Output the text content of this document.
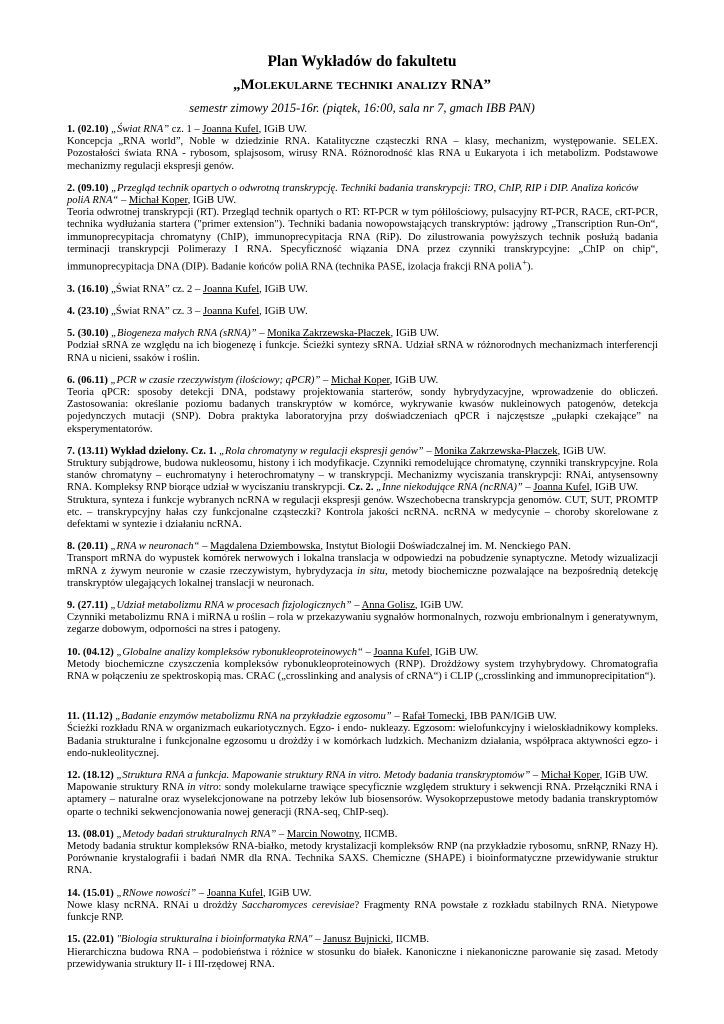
Plan Wykładów do fakultetu
„Molekularne techniki analizy RNA”
semestr zimowy 2015-16r. (piątek, 16:00, sala nr 7, gmach IBB PAN)

1. (02.10) „Świat RNA” cz. 1 – Joanna Kufel, IGiB UW.

Koncepcja „RNA world”, Noble w dziedzinie RNA. Katalityczne cząsteczki RNA – klasy, mechanizm, występowanie. SELEX. Pozostałości świata RNA - rybosom, splajsosom, wirusy RNA. Różnorodność klas RNA u Eukaryota i ich metabolizm. Podstawowe mechanizmy regulacji ekspresji genów.

2. (09.10) „Przegląd technik opartych o odwrotną transkrypcję. Techniki badania transkrypcji: TRO, ChIP, RIP i DIP. Analiza końców poliA RNA“ – Michał Koper, IGiB UW.

Teoria odwrotnej transkrypcji (RT). Przegląd technik opartych o RT: RT-PCR w tym półilościowy, pulsacyjny RT-PCR, RACE, cRT-PCR, technika wydłużania startera ("primer extension"). Techniki badania nowopowstających transkryptów: jądrowy „Transcription Run-On“, immunoprecypitacja chromatyny (ChIP), immunoprecypitacja RNA (RiP). Do zilustrowania powyższych technik posłużą badania terminacji transkrypcji Polimerazy I RNA. Specyficzność wiązania DNA przez czynniki transkrypcyjne: „ChIP on chip“, immunoprecypitacja DNA (DIP). Badanie końców poliA RNA (technika PASE, izolacja frakcji RNA poliA+).

3. (16.10) „Świat RNA” cz. 2 – Joanna Kufel, IGiB UW.

4. (23.10) „Świat RNA” cz. 3 – Joanna Kufel, IGiB UW.

5. (30.10) „Biogeneza małych RNA (sRNA)” – Monika Zakrzewska-Płaczek, IGiB UW.

Podział sRNA ze względu na ich biogenezę i funkcje. Ścieżki syntezy sRNA. Udział sRNA w różnorodnych mechanizmach interferencji RNA u nicieni, ssaków i roślin.

6. (06.11) „PCR w czasie rzeczywistym (ilościowy; qPCR)” – Michał Koper, IGiB UW.

Teoria qPCR: sposoby detekcji DNA, podstawy projektowania starterów, sondy hybrydyzacyjne, wprowadzenie do obliczeń. Zastosowania: określanie poziomu badanych transkryptów w komórce, wykrywanie kwasów nukleinowych patogenów, detekcja pojedynczych mutacji (SNP). Dobra praktyka laboratoryjna przy doświadczeniach qPCR i najczęstsze „pułapki czekające” na eksperymentatorów.

7. (13.11) Wykład dzielony. Cz. 1. „Rola chromatyny w regulacji ekspresji genów” – Monika Zakrzewska-Płaczek, IGiB UW.

Struktury subjądrowe, budowa nukleosomu, histony i ich modyfikacje. Czynniki remodelujące chromatynę, czynniki transkrypcyjne. Rola stanów chromatyny – euchromatyny i heterochromatyny – w transkrypcji. Mechanizmy wyciszania transkrypcji: RNAi, antysensowny RNA. Kompleksy RNP biorące udział w wyciszaniu transkrypcji. Cz. 2. „Inne niekodujące RNA (ncRNA)” – Joanna Kufel, IGiB UW.

Struktura, synteza i funkcje wybranych ncRNA w regulacji ekspresji genów. Wszechobecna transkrypcja genomów. CUT, SUT, PROMTP etc. – transkrypcyjny hałas czy funkcjonalne cząsteczki? Kontrola jakości ncRNA. ncRNA w medycynie – choroby skorelowane z defektami w syntezie i działaniu ncRNA.

8. (20.11) „RNA w neuronach“ – Magdalena Dziembowska, Instytut Biologii Doświadczalnej im. M. Nenckiego PAN.

Transport mRNA do wypustek komórek nerwowych i lokalna translacja w odpowiedzi na pobudzenie synaptyczne. Metody wizualizacji mRNA z żywym neuronie w czasie rzeczywistym, hybrydyzacja in situ, metody biochemiczne pozwalające na bezpośrednią detekcję transkryptów ulegających lokalnej translacji w neuronach.

9. (27.11) „Udział metabolizmu RNA w procesach fizjologicznych” – Anna Golisz, IGiB UW.

Czynniki metabolizmu RNA i miRNA u roślin – rola w przekazywaniu sygnałów hormonalnych, rozwoju embrionalnym i generatywnym, zegarze dobowym, odporności na stres i patogeny.

10. (04.12) „Globalne analizy kompleksów rybonukleoproteinowych“ – Joanna Kufel, IGiB UW.

Metody biochemiczne czyszczenia kompleksów rybonukleoproteinowych (RNP). Drożdżowy system trzyhybrydowy. Chromatografia RNA w połączeniu ze spektroskopią mas. CRAC („crosslinking and analysis of cRNA“) i CLIP („crosslinking and immunoprecipitation“).

11. (11.12) „Badanie enzymów metabolizmu RNA na przykładzie egzosomu” – Rafał Tomecki, IBB PAN/IGiB UW.

Ścieżki rozkładu RNA w organizmach eukariotycznych. Egzo- i endo- nukleazy. Egzosom: wielofunkcyjny i wieloskładnikowy kompleks. Badania strukturalne i funkcjonalne egzosomu u drożdży i w komórkach ludzkich. Mechanizm działania, współpraca aktywności egzo- i endo-nukleolitycznej.

12. (18.12) „Struktura RNA a funkcja. Mapowanie struktury RNA in vitro. Metody badania transkryptomów” – Michał Koper, IGiB UW.

Mapowanie struktury RNA in vitro: sondy molekularne trawiące specyficznie względem struktury i sekwencji RNA. Przełączniki RNA i aptamery – naturalne oraz wyselekcjonowane na potrzeby leków lub biosensorów. Wysokoprzepustowe metody badania transkryptomów oparte o techniki sekwencjonowania nowej generacji (RNA-seq, ChIP-seq).

13. (08.01) „Metody badań strukturalnych RNA” – Marcin Nowotny, IICMB.

Metody badania struktur kompleksów RNA-białko, metody krystalizacji kompleksów RNP (na przykładzie rybosomu, snRNP, RNazy H). Porównanie krystalografii i badań NMR dla RNA. Technika SAXS. Chemiczne (SHAPE) i bioinformatyczne przewidywanie struktur RNA.

14. (15.01) „RNowe nowości” – Joanna Kufel, IGiB UW.

Nowe klasy ncRNA. RNAi u drożdży Saccharomyces cerevisiae? Fragmenty RNA powstałe z rozkładu stabilnych RNA. Nietypowe funkcje RNP.

15. (22.01) "Biologia strukturalna i bioinformatyka RNA" – Janusz Bujnicki, IICMB.

Hierarchiczna budowa RNA – podobieństwa i różnice w stosunku do białek. Kanoniczne i niekanoniczne parowanie się zasad. Metody przewidywania struktury II- i III-rzędowej RNA.
